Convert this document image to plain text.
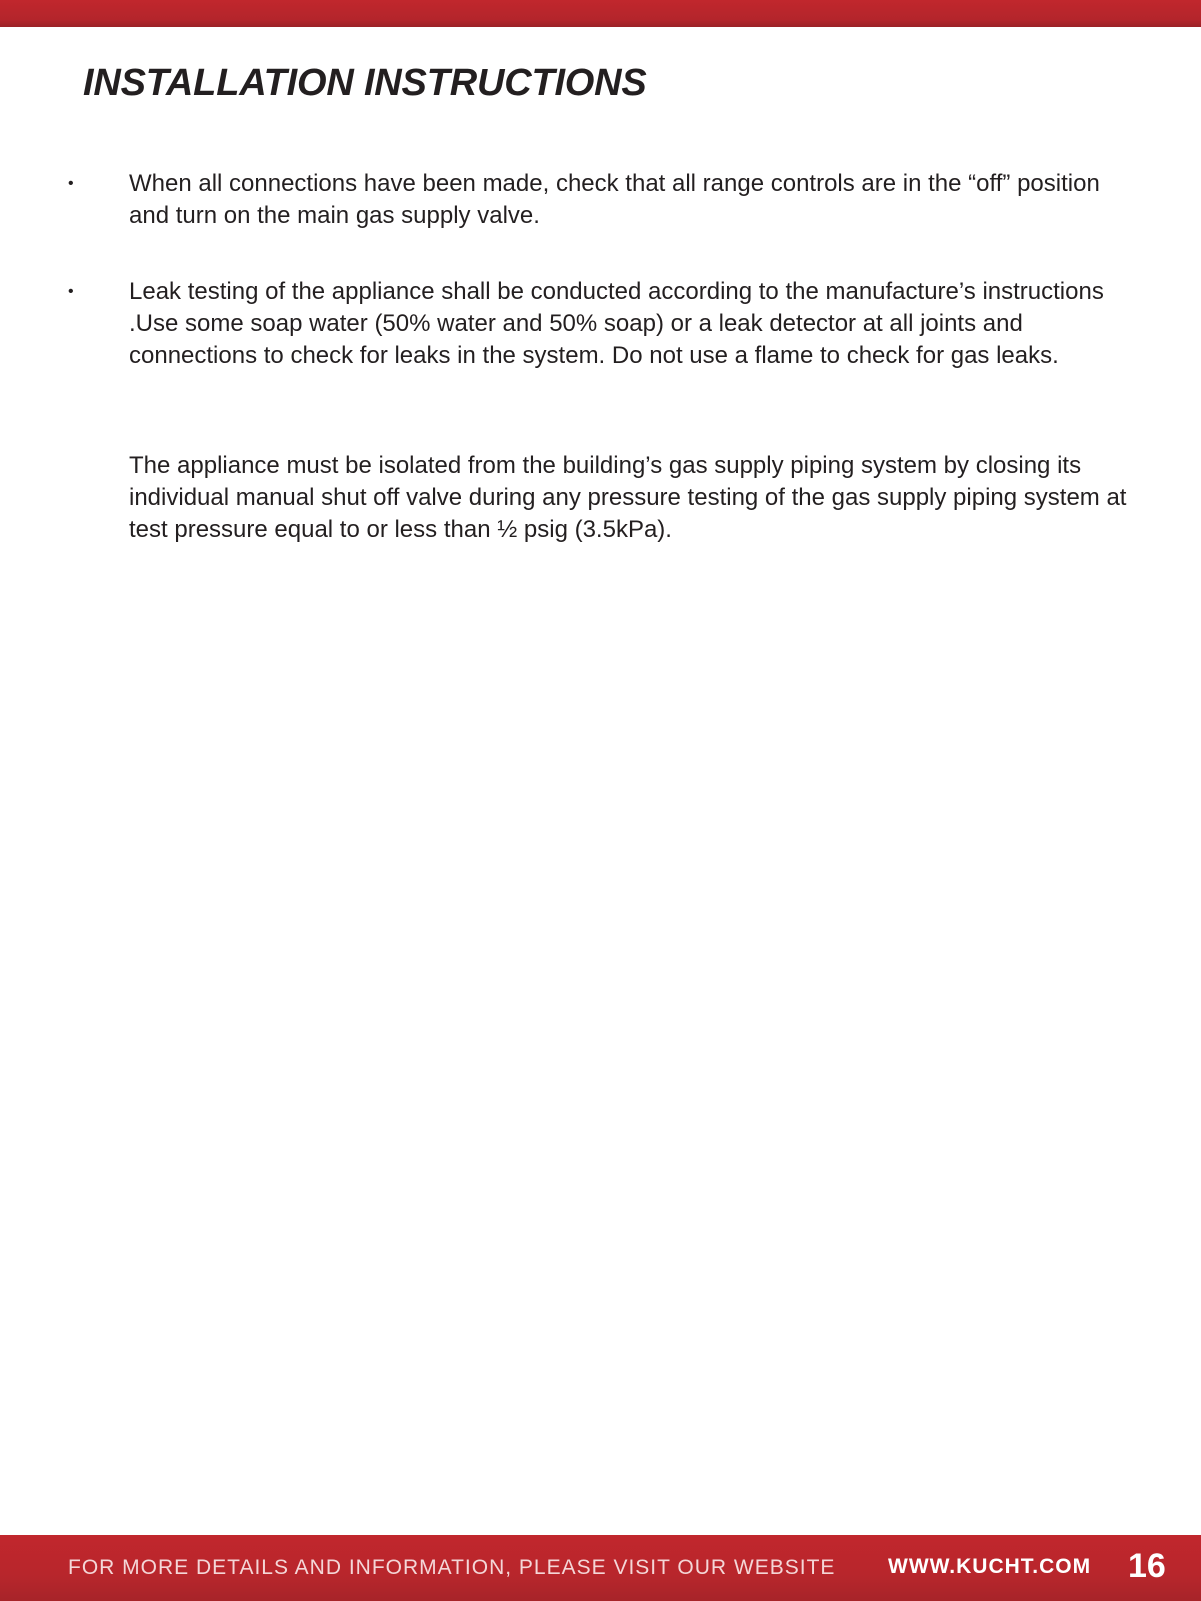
INSTALLATION INSTRUCTIONS
• When all connections have been made, check that all range controls are in the “off” position and turn on the main gas supply valve.

• Leak testing of the appliance shall be conducted according to the manufacture’s instructions .Use some soap water (50% water and 50% soap) or a leak detector at all joints and connections to check for leaks in the system. Do not use a flame to check for gas leaks.

The appliance must be isolated from the building’s gas supply piping system by closing its individual manual shut off valve during any pressure testing of the gas supply piping system at test pressure equal to or less than ½ psig (3.5kPa).

FOR MORE DETAILS AND INFORMATION, PLEASE VISIT OUR WEBSITE	WWW.KUCHT.COM 16
